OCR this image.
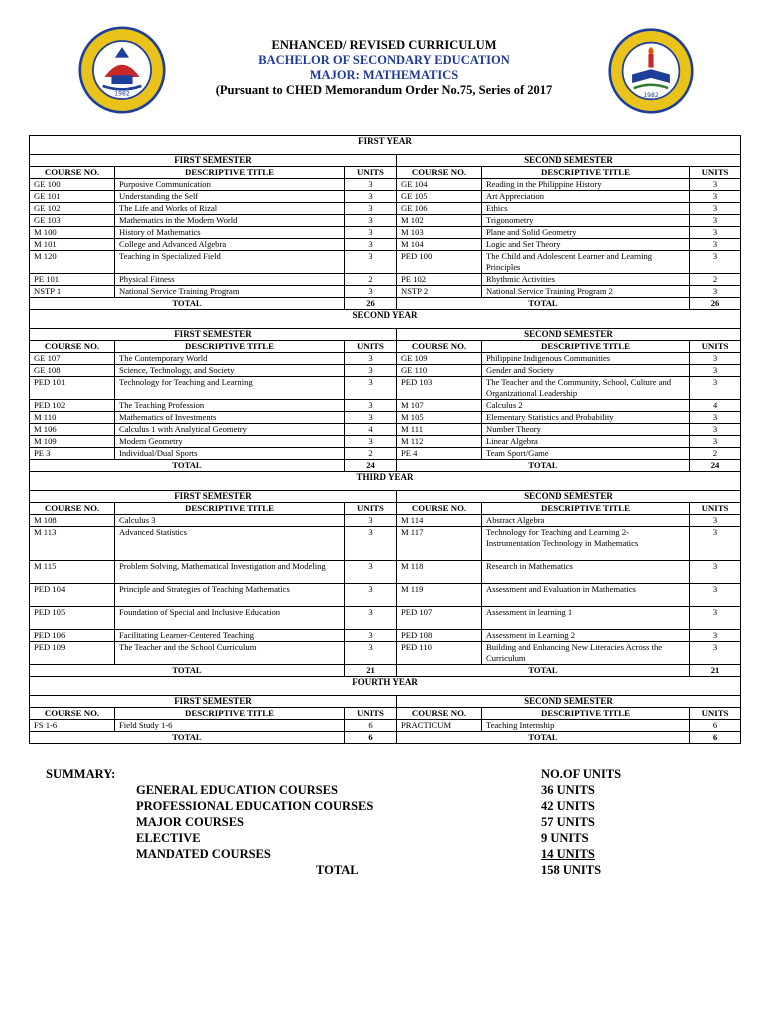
1982	1982
ENHANCED/ REVISED CURRICULUM
BACHELOR OF SECONDARY EDUCATION
MAJOR: MATHEMATICS
(Pursuant to CHED Memorandum Order No.75, Series of 2017
FIRST YEAR					
FIRST SEMESTER			SECOND SEMESTER		
COURSE NO.	DESCRIPTIVE TITLE	UNITS	COURSE NO.	DESCRIPTIVE TITLE	UNITS
GE 100	Purposive Communication	3	GE 104	Reading in the Philippine History	3
GE 101	Understanding the Self	3	GE 105	Art Appreciation	3
GE 102	The Life and Works of Rizal	3	GE 106	Ethics	3
GE 103	Mathematics in the Modern World	3	M 102	Trigonometry	3
M 100	History of Mathematics	3	M 103	Plane and Solid Geometry	3
M 101	College and Advanced Algebra	3	M 104	Logic and Set Theory	3
M 120	Teaching in Specialized Field	3	PED 100	The Child and Adolescent Learner and Learning Principles	3
PE 101	Physical Fitness	2	PE 102	Rhythmic Activities	2
NSTP 1	National Service Training Program	3	NSTP 2	National Service Training Program 2	3
TOTAL		26	TOTAL		26
SECOND YEAR					
FIRST SEMESTER			SECOND SEMESTER		
COURSE NO.	DESCRIPTIVE TITLE	UNITS	COURSE NO.	DESCRIPTIVE TITLE	UNITS
GE 107	The Contemporary World	3	GE 109	Philippine Indigenous Communities	3
GE 108	Science, Technology, and Society	3	GE 110	Gender and Society	3
PED 101	Technology for Teaching and Learning	3	PED 103	The Teacher and the Community, School, Culture and Organizational Leadership	3
PED 102	The Teaching Profession	3	M 107	Calculus 2	4
M 110	Mathematics of Investments	3	M 105	Elementary Statistics and Probability	3
M 106	Calculus 1 with Analytical Geometry	4	M 111	Number Theory	3
M 109	Modern Geometry	3	M 112	Linear Algebra	3
PE 3	Individual/Dual Sports	2	PE 4	Team Sport/Game	2
TOTAL		24	TOTAL		24
THIRD YEAR					
FIRST SEMESTER			SECOND SEMESTER		
COURSE NO.	DESCRIPTIVE TITLE	UNITS	COURSE NO.	DESCRIPTIVE TITLE	UNITS
M 108	Calculus 3	3	M 114	Abstract Algebra	3
M 113	Advanced Statistics	3	M 117	Technology for Teaching and Learning 2- Instrumentation Technology in Mathematics	3
M 115	Problem Solving, Mathematical Investigation and Modeling	3	M 118	Research in Mathematics	3
PED 104	Principle and Strategies of Teaching Mathematics	3	M 119	Assessment and Evaluation in Mathematics	3
PED 105	Foundation of Special and Inclusive Education	3	PED 107	Assessment in learning 1	3
PED 106	Facilitating Learner-Centered Teaching	3	PED 108	Assessment in Learning 2	3
PED 109	The Teacher and the School Curriculum	3	PED 110	Building and Enhancing New Literacies Across the Curriculum	3
TOTAL		21	TOTAL		21
FOURTH YEAR					
FIRST SEMESTER			SECOND SEMESTER		
COURSE NO.	DESCRIPTIVE TITLE	UNITS	COURSE NO.	DESCRIPTIVE TITLE	UNITS
FS 1-6	Field Study 1-6	6	PRACTICUM	Teaching Internship	6
TOTAL		6	TOTAL		6
SUMMARY:	NO.OF UNITS
GENERAL EDUCATION COURSES	36 UNITS
PROFESSIONAL EDUCATION COURSES	42 UNITS
MAJOR COURSES	57 UNITS
ELECTIVE	9 UNITS
MANDATED COURSES	14 UNITS
TOTAL	158 UNITS
